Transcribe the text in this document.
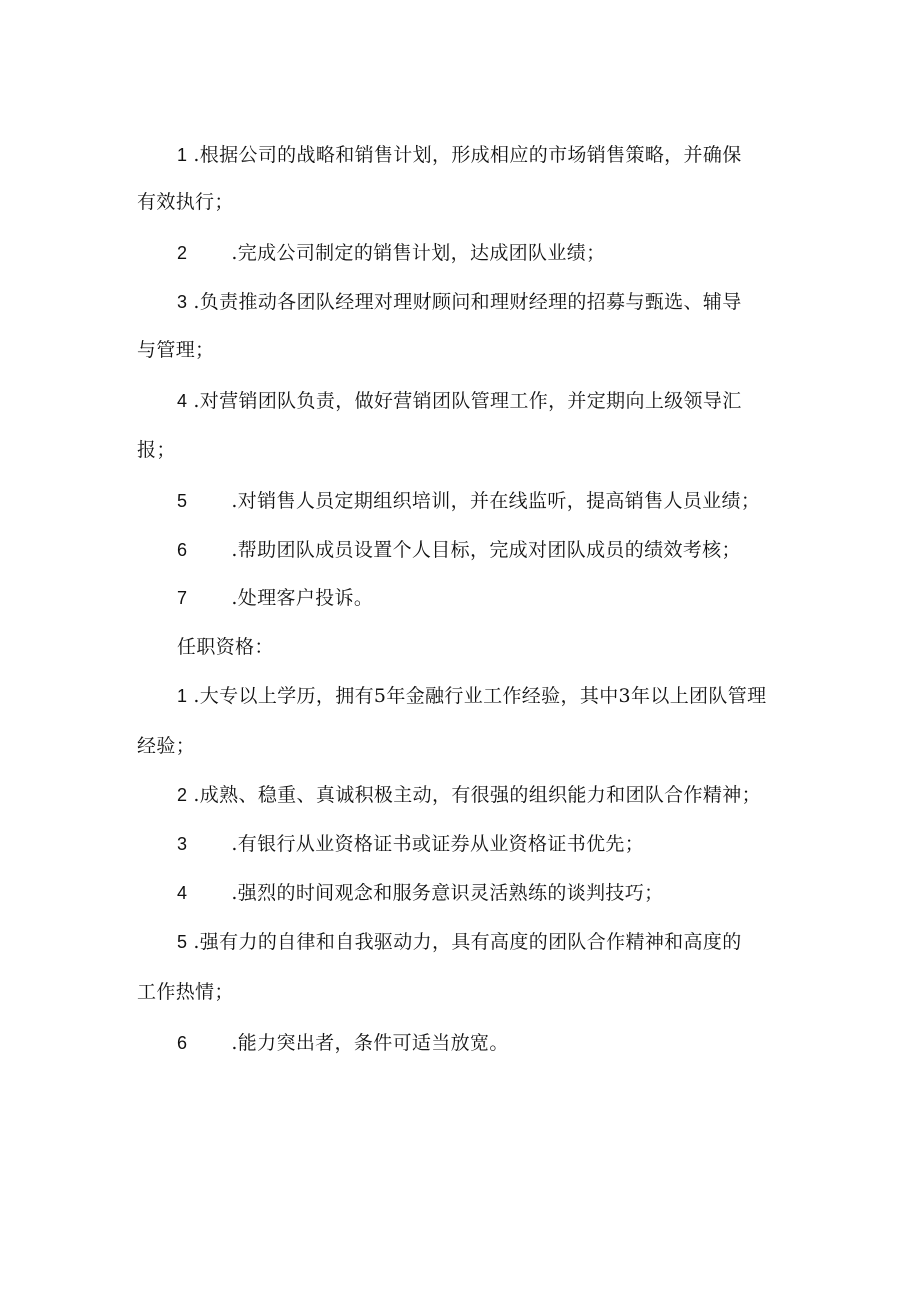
1 .根据公司的战略和销售计划，形成相应的市场销售策略，并确保
有效执行；
2 .完成公司制定的销售计划，达成团队业绩；
3 .负责推动各团队经理对理财顾问和理财经理的招募与甄选、辅导
与管理；
4 .对营销团队负责，做好营销团队管理工作，并定期向上级领导汇
报；
5 .对销售人员定期组织培训，并在线监听，提高销售人员业绩；
6 .帮助团队成员设置个人目标，完成对团队成员的绩效考核；
7 .处理客户投诉。
任职资格：
1 .大专以上学历，拥有5年金融行业工作经验，其中3年以上团队管理
经验；
2 .成熟、稳重、真诚积极主动，有很强的组织能力和团队合作精神；
3 .有银行从业资格证书或证券从业资格证书优先；
4 .强烈的时间观念和服务意识灵活熟练的谈判技巧；
5 .强有力的自律和自我驱动力，具有高度的团队合作精神和高度的
工作热情；
6 .能力突出者，条件可适当放宽。
